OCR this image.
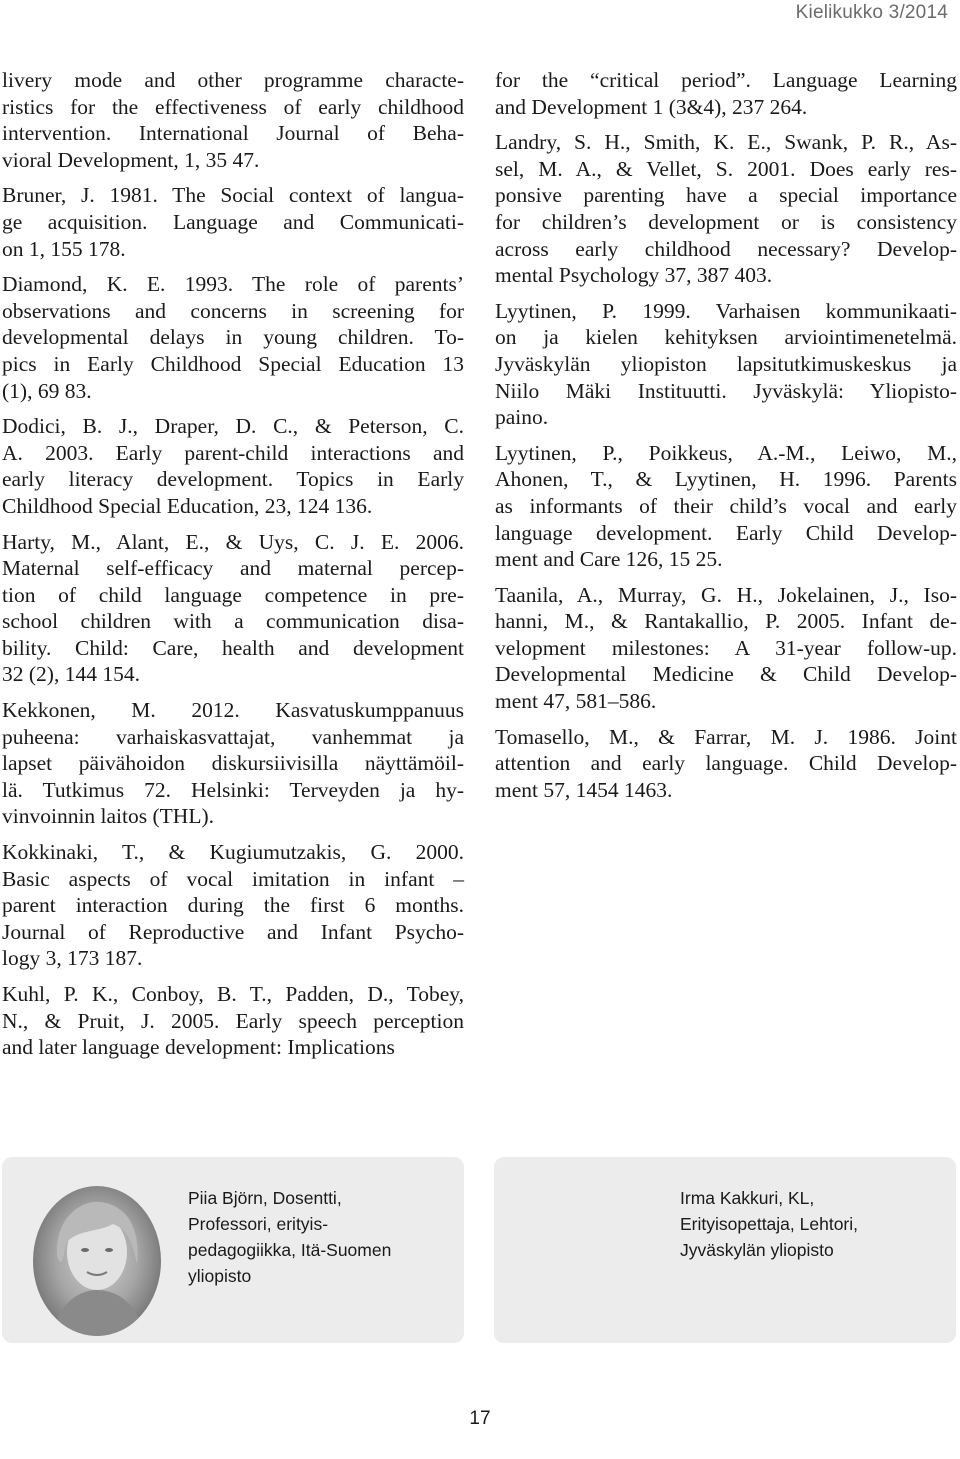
Kielikukko 3/2014

livery mode and other programme characte-
ristics for the effectiveness of early childhood
intervention. International Journal of Beha-
vioral Development, 1, 35 47.

Bruner, J. 1981. The Social context of langua-
ge acquisition. Language and Communicati-
on 1, 155 178.

Diamond, K. E. 1993. The role of parents’
observations and concerns in screening for
developmental delays in young children. To-
pics in Early Childhood Special Education 13
(1), 69 83.

Dodici, B. J., Draper, D. C., & Peterson, C.
A. 2003. Early parent-child interactions and
early literacy development. Topics in Early
Childhood Special Education, 23, 124 136.

Harty, M., Alant, E., & Uys, C. J. E. 2006.
Maternal self-efficacy and maternal percep-
tion of child language competence in pre-
school children with a communication disa-
bility. Child: Care, health and development
32 (2), 144 154.

Kekkonen, M. 2012. Kasvatuskumppanuus
puheena: varhaiskasvattajat, vanhemmat ja
lapset päivähoidon diskursiivisilla näyttämöil-
lä. Tutkimus 72. Helsinki: Terveyden ja hy-
vinvoinnin laitos (THL).

Kokkinaki, T., & Kugiumutzakis, G. 2000.
Basic aspects of vocal imitation in infant –
parent interaction during the first 6 months.
Journal of Reproductive and Infant Psycho-
logy 3, 173 187.

Kuhl, P. K., Conboy, B. T., Padden, D., Tobey,
N., & Pruit, J. 2005. Early speech perception
and later language development: Implications

for the “critical period”. Language Learning
and Development 1 (3&4), 237 264.

Landry, S. H., Smith, K. E., Swank, P. R., As-
sel, M. A., & Vellet, S. 2001. Does early res-
ponsive parenting have a special importance
for children’s development or is consistency
across early childhood necessary? Develop-
mental Psychology 37, 387 403.

Lyytinen, P. 1999. Varhaisen kommunikaati-
on ja kielen kehityksen arviointimenetelmä.
Jyväskylän yliopiston lapsitutkimuskeskus ja
Niilo Mäki Instituutti. Jyväskylä: Yliopisto-
paino.

Lyytinen, P., Poikkeus, A.-M., Leiwo, M.,
Ahonen, T., & Lyytinen, H. 1996. Parents
as informants of their child’s vocal and early
language development. Early Child Develop-
ment and Care 126, 15 25.

Taanila, A., Murray, G. H., Jokelainen, J., Iso-
hanni, M., & Rantakallio, P. 2005. Infant de-
velopment milestones: A 31-year follow-up.
Developmental Medicine & Child Develop-
ment 47, 581–586.

Tomasello, M., & Farrar, M. J. 1986. Joint
attention and early language. Child Develop-
ment 57, 1454 1463.

Piia Björn, Dosentti,
Professori, erityis-
pedagogiikka, Itä-Suomen
yliopisto
Irma Kakkuri, KL,
Erityisopettaja, Lehtori,
Jyväskylän yliopisto
17
